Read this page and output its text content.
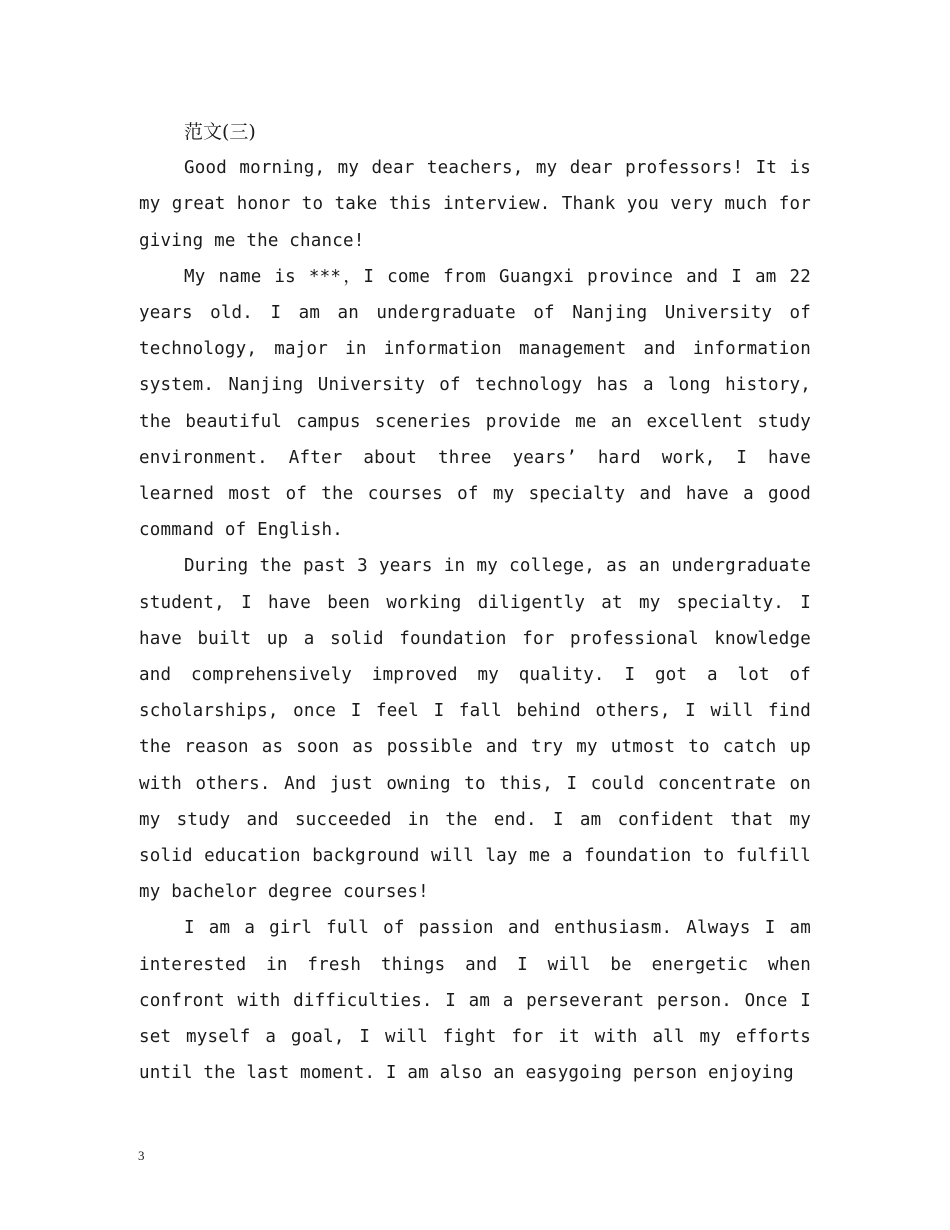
范文(三)

Good morning, my dear teachers, my dear professors! It is my great honor to take this interview. Thank you very much for giving me the chance!

My name is ***，I come from Guangxi province and I am 22 years old. I am an undergraduate of Nanjing University of technology, major in information management and information system. Nanjing University of technology has a long history, the beautiful campus sceneries provide me an excellent study environment. After about three years’ hard work, I have learned most of the courses of my specialty and have a good command of English.

During the past 3 years in my college, as an undergraduate student, I have been working diligently at my specialty. I have built up a solid foundation for professional knowledge and comprehensively improved my quality. I got a lot of scholarships, once I feel I fall behind others, I will find the reason as soon as possible and try my utmost to catch up with others. And just owning to this, I could concentrate on my study and succeeded in the end. I am confident that my solid education background will lay me a foundation to fulfill my bachelor degree courses!

I am a girl full of passion and enthusiasm. Always I am interested in fresh things and I will be energetic when confront with difficulties. I am a perseverant person. Once I set myself a goal, I will fight for it with all my efforts until the last moment. I am also an easygoing person enjoying

3
